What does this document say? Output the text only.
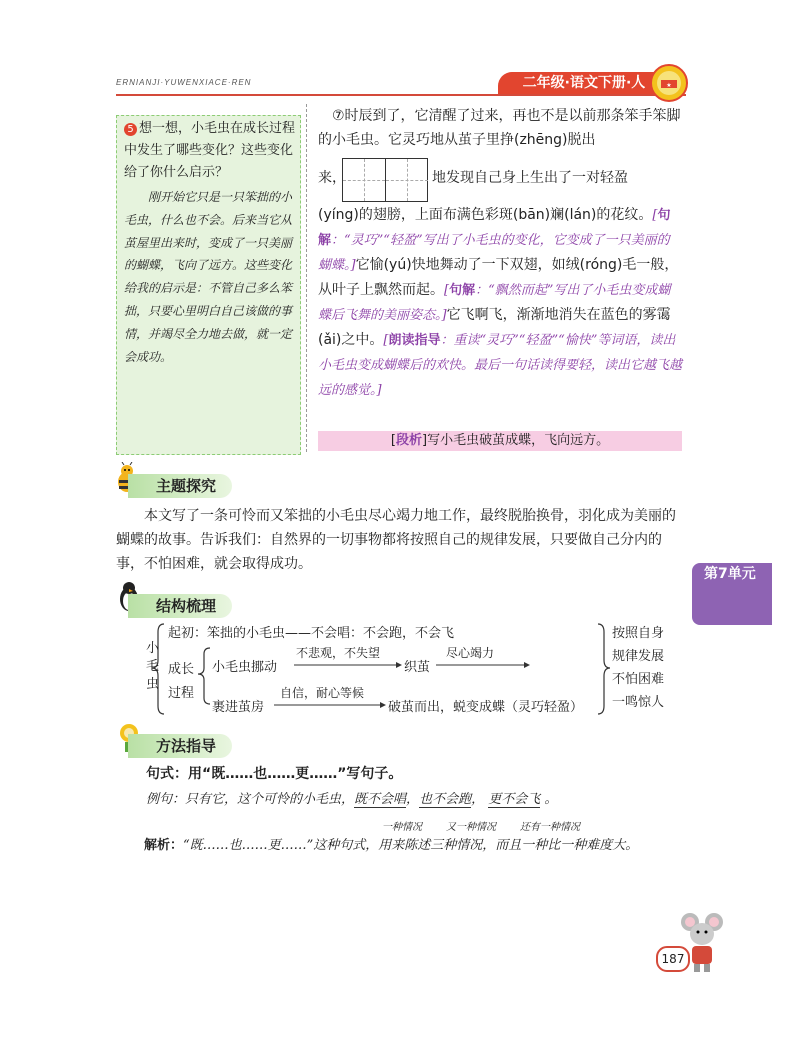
ERNIANJI·YUWENXIACE·REN	二年级·语文下册·人	★
5 想一想，小毛虫在成长过程中发生了哪些变化？这些变化给了你什么启示？
  刚开始它只是一只笨拙的小毛虫，什么也不会。后来当它从茧屋里出来时，变成了一只美丽的蝴蝶，飞向了远方。这些变化给我的启示是：不管自己多么笨拙，只要心里明白自己该做的事情，并竭尽全力地去做，就一定会成功。
⑦时辰到了，它清醒了过来，再也不是以前那条笨手笨脚的小毛虫。它灵巧地从茧子里挣(zhēng)脱出
来，	地发现自己身上生出了一对轻盈
(yíng)的翅膀，上面布满色彩斑(bān)斓(lán)的花纹。[句解：“灵巧”“轻盈”写出了小毛虫的变化，它变成了一只美丽的蝴蝶。]它愉(yú)快地舞动了一下双翅，如绒(róng)毛一般，从叶子上飘然而起。[句解：“飘然而起”写出了小毛虫变成蝴蝶后飞舞的美丽姿态。]它飞啊飞，渐渐地消失在蓝色的雾霭(ǎi)之中。[朗读指导：重读“灵巧”“轻盈”“愉快”等词语，读出小毛虫变成蝴蝶后的欢快。最后一句话读得要轻，读出它越飞越远的感觉。]
[段析]写小毛虫破茧成蝶，飞向远方。
主题探究
本文写了一条可怜而又笨拙的小毛虫尽心竭力地工作，最终脱胎换骨，羽化成为美丽的蝴蝶的故事。告诉我们：自然界的一切事物都将按照自己的规律发展，只要做自己分内的事，不怕困难，就会取得成功。
结构梳理
小毛虫
起初：笨拙的小毛虫——不会唱：不会跑，不会飞
成长过程
小毛虫挪动
不悲观，不失望
织茧
尽心竭力
裹进茧房
自信，耐心等候
破茧而出，蜕变成蝶（灵巧轻盈）
按照自身
规律发展
不怕困难
一鸣惊人
方法指导
句式：用“既……也……更……”写句子。
例句：只有它，这个可怜的小毛虫，既不会唱，也不会跑， 更不会飞 。
一种情况 又一种情况 还有一种情况
解析：“既……也……更……”这种句式，用来陈述三种情况，而且一种比一种难度大。
第7单元
187
